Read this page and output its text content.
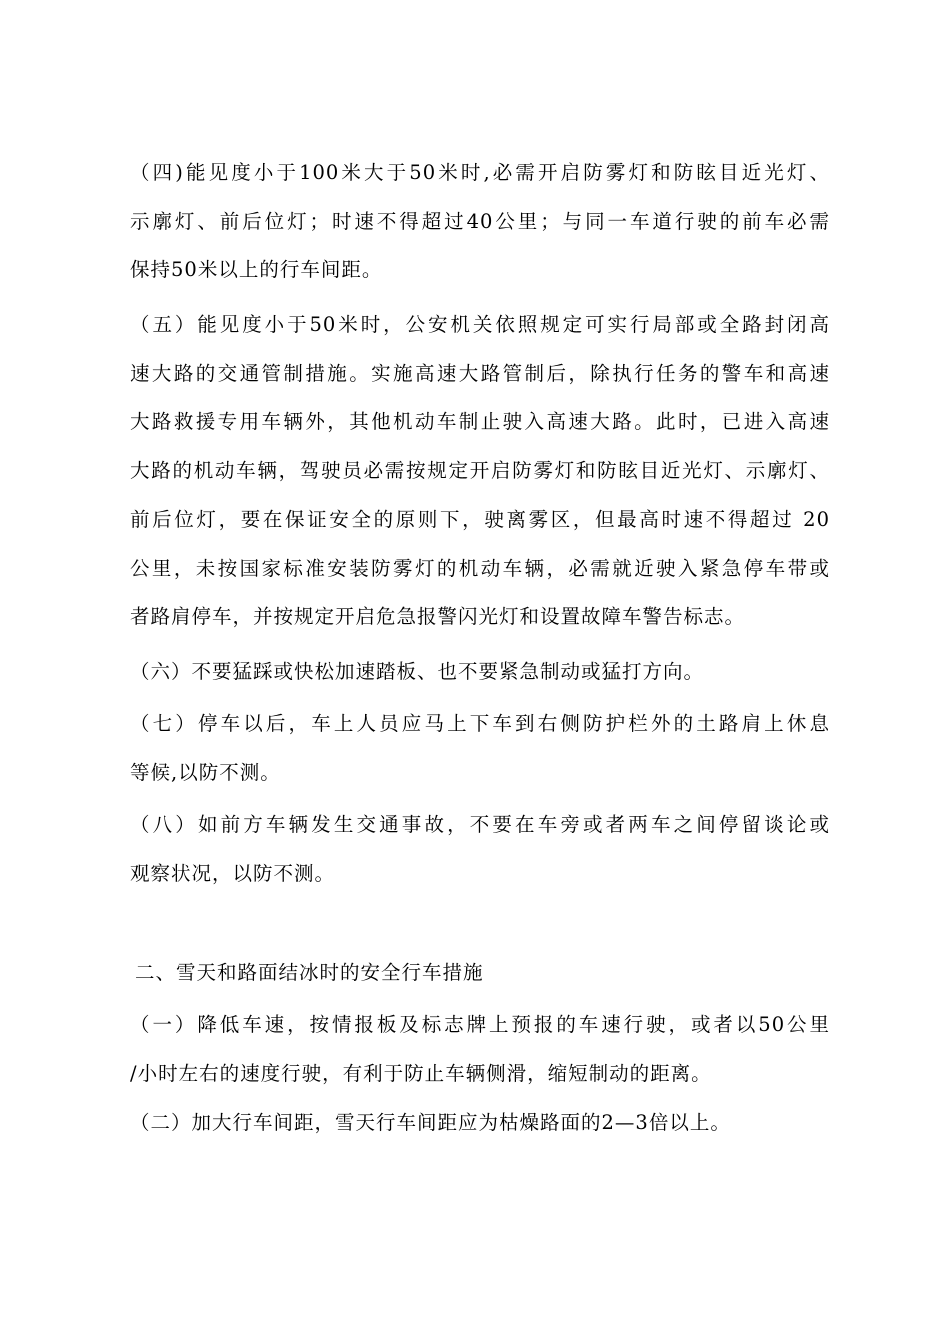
（四)能见度小于100米大于50米时,必需开启防雾灯和防眩目近光灯、
示廓灯、前后位灯；时速不得超过40公里；与同一车道行驶的前车必需
保持50米以上的行车间距。
（五）能见度小于50米时，公安机关依照规定可实行局部或全路封闭高
速大路的交通管制措施。实施高速大路管制后，除执行任务的警车和高速
大路救援专用车辆外，其他机动车制止驶入高速大路。此时，已进入高速
大路的机动车辆，驾驶员必需按规定开启防雾灯和防眩目近光灯、示廓灯、
前后位灯，要在保证安全的原则下，驶离雾区，但最高时速不得超过 20
公里，未按国家标准安装防雾灯的机动车辆，必需就近驶入紧急停车带或
者路肩停车，并按规定开启危急报警闪光灯和设置故障车警告标志。
（六）不要猛踩或快松加速踏板、也不要紧急制动或猛打方向。
（七）停车以后，车上人员应马上下车到右侧防护栏外的土路肩上休息
等候,以防不测。
（八）如前方车辆发生交通事故，不要在车旁或者两车之间停留谈论或
观察状况，以防不测。
二、雪天和路面结冰时的安全行车措施
（一）降低车速，按情报板及标志牌上预报的车速行驶，或者以50公里
/小时左右的速度行驶，有利于防止车辆侧滑，缩短制动的距离。
（二）加大行车间距，雪天行车间距应为枯燥路面的2—3倍以上。
